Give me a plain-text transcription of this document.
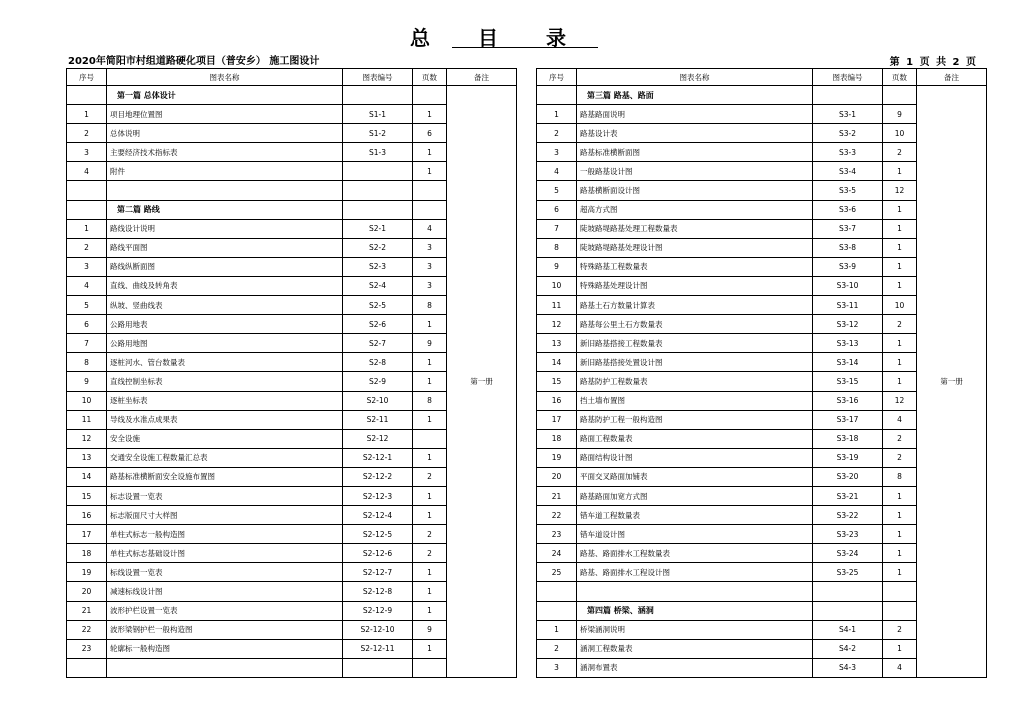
总目录
2020年简阳市村组道路硬化项目（普安乡） 施工图设计	第 1 页 共 2 页
序号	图表名称	图表编号	页数	备注
	第一篇 总体设计			第一册
1	项目地理位置图	S1-1	1	
2	总体说明	S1-2	6	
3	主要经济技术指标表	S1-3	1	
4	附件		1	

	第二篇 路线			
1	路线设计说明	S2-1	4	
2	路线平面图	S2-2	3	
3	路线纵断面图	S2-3	3	
4	直线、曲线及转角表	S2-4	3	
5	纵坡、竖曲线表	S2-5	8	
6	公路用地表	S2-6	1	
7	公路用地图	S2-7	9	
8	逐桩河水、管台数量表	S2-8	1	
9	直线控制坐标表	S2-9	1	
10	逐桩坐标表	S2-10	8	
11	导线及水准点成果表	S2-11	1	
12	安全设施	S2-12		
13	交通安全设施工程数量汇总表	S2-12-1	1	
14	路基标准横断面安全设施布置图	S2-12-2	2	
15	标志设置一览表	S2-12-3	1	
16	标志版面尺寸大样图	S2-12-4	1	
17	单柱式标志一般构造图	S2-12-5	2	
18	单柱式标志基础设计图	S2-12-6	2	
19	标线设置一览表	S2-12-7	1	
20	减速标线设计图	S2-12-8	1	
21	波形护栏设置一览表	S2-12-9	1	
22	波形梁钢护栏一般构造图	S2-12-10	9	
23	轮廓标一般构造图	S2-12-11	1	

序号	图表名称	图表编号	页数	备注
	第三篇 路基、路面			第一册
1	路基路面说明	S3-1	9	
2	路基设计表	S3-2	10	
3	路基标准横断面图	S3-3	2	
4	一般路基设计图	S3-4	1	
5	路基横断面设计图	S3-5	12	
6	超高方式图	S3-6	1	
7	陡坡路堤路基处理工程数量表	S3-7	1	
8	陡坡路堤路基处理设计图	S3-8	1	
9	特殊路基工程数量表	S3-9	1	
10	特殊路基处理设计图	S3-10	1	
11	路基土石方数量计算表	S3-11	10	
12	路基每公里土石方数量表	S3-12	2	
13	新旧路基搭接工程数量表	S3-13	1	
14	新旧路基搭接处置设计图	S3-14	1	
15	路基防护工程数量表	S3-15	1	
16	挡土墙布置图	S3-16	12	
17	路基防护工程一般构造图	S3-17	4	
18	路面工程数量表	S3-18	2	
19	路面结构设计图	S3-19	2	
20	平面交叉路面加铺表	S3-20	8	
21	路基路面加宽方式图	S3-21	1	
22	错车道工程数量表	S3-22	1	
23	错车道设计图	S3-23	1	
24	路基、路面排水工程数量表	S3-24	1	
25	路基、路面排水工程设计图	S3-25	1	

	第四篇 桥梁、涵洞			
1	桥梁涵洞说明	S4-1	2	
2	涵洞工程数量表	S4-2	1	
3	涵洞布置表	S4-3	4	
